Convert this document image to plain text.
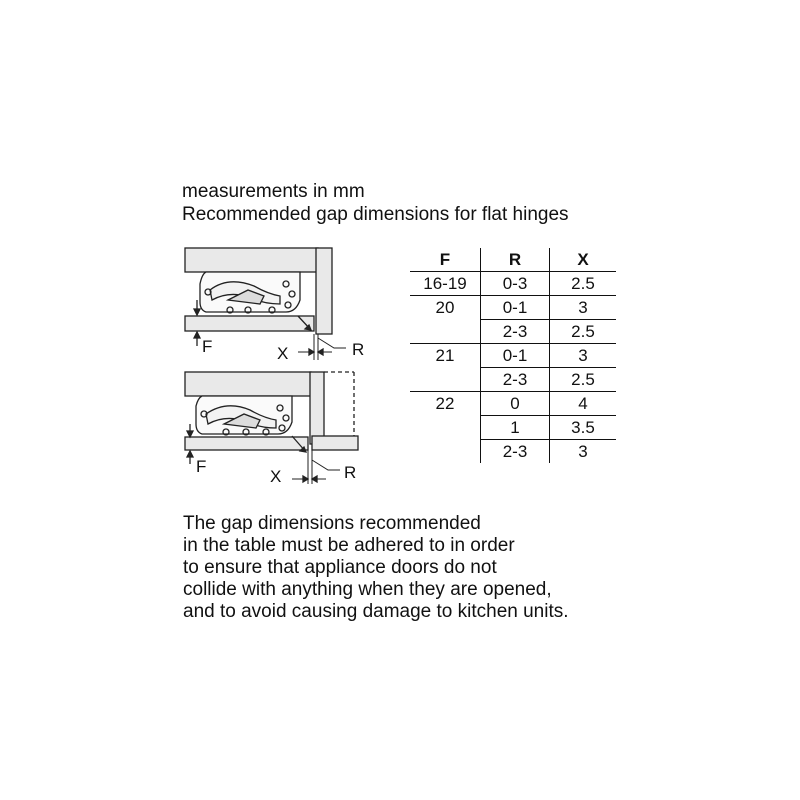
measurements in mm
Recommended gap dimensions for flat hinges
F	X	R
F
X	R
F	R	X
16-19	0-3	2.5
20	0-1	3
	2-3	2.5
21	0-1	3
	2-3	2.5
22	0	4
	1	3.5
	2-3	3
The gap dimensions recommended
in the table must be adhered to in order
to ensure that appliance doors do not
collide with anything when they are opened,
and to avoid causing damage to kitchen units.
